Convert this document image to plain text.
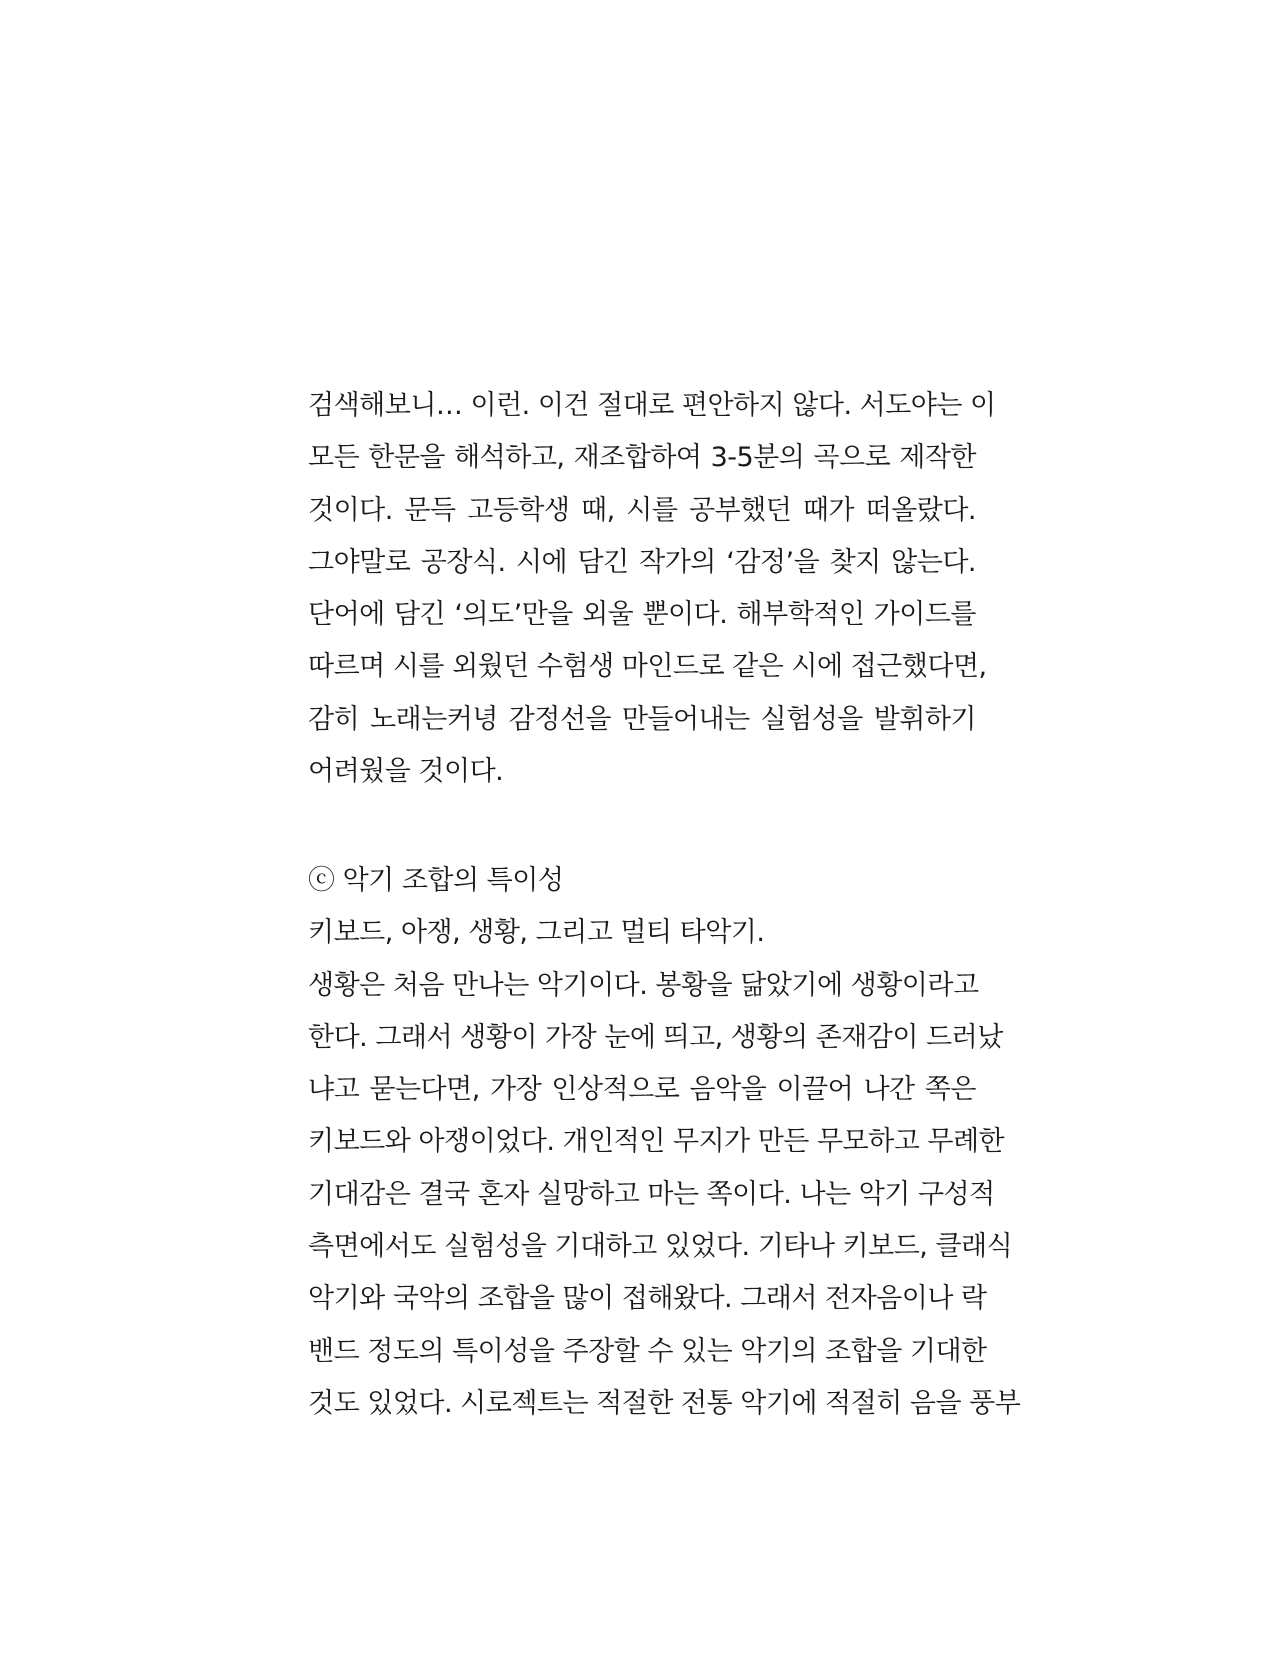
검색해보니… 이런. 이건 절대로 편안하지 않다. 서도야는 이
모든 한문을 해석하고, 재조합하여 3-5분의 곡으로 제작한
것이다. 문득 고등학생 때, 시를 공부했던 때가 떠올랐다.
그야말로 공장식. 시에 담긴 작가의 ‘감정’을 찾지 않는다.
단어에 담긴 ‘의도’만을 외울 뿐이다. 해부학적인 가이드를
따르며 시를 외웠던 수험생 마인드로 같은 시에 접근했다면,
감히 노래는커녕 감정선을 만들어내는 실험성을 발휘하기
어려웠을 것이다.
ⓒ 악기 조합의 특이성
키보드, 아쟁, 생황, 그리고 멀티 타악기.
생황은 처음 만나는 악기이다. 봉황을 닮았기에 생황이라고
한다. 그래서 생황이 가장 눈에 띄고, 생황의 존재감이 드러났
냐고 묻는다면, 가장 인상적으로 음악을 이끌어 나간 쪽은
키보드와 아쟁이었다. 개인적인 무지가 만든 무모하고 무례한
기대감은 결국 혼자 실망하고 마는 쪽이다. 나는 악기 구성적
측면에서도 실험성을 기대하고 있었다. 기타나 키보드, 클래식
악기와 국악의 조합을 많이 접해왔다. 그래서 전자음이나 락
밴드 정도의 특이성을 주장할 수 있는 악기의 조합을 기대한
것도 있었다. 시로젝트는 적절한 전통 악기에 적절히 음을 풍부
